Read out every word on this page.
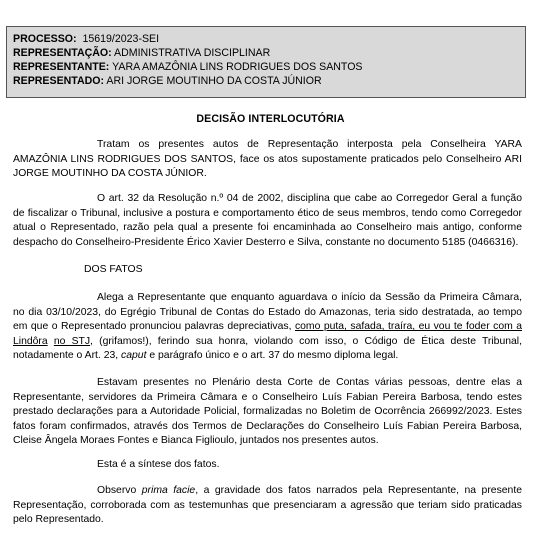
PROCESSO: 15619/2023-SEI
REPRESENTAÇÃO: ADMINISTRATIVA DISCIPLINAR
REPRESENTANTE: YARA AMAZÔNIA LINS RODRIGUES DOS SANTOS
REPRESENTADO: ARI JORGE MOUTINHO DA COSTA JÚNIOR
DECISÃO INTERLOCUTÓRIA

Tratam os presentes autos de Representação interposta pela Conselheira YARA AMAZÔNIA LINS RODRIGUES DOS SANTOS, face os atos supostamente praticados pelo Conselheiro ARI JORGE MOUTINHO DA COSTA JÚNIOR.

O art. 32 da Resolução n.º 04 de 2002, disciplina que cabe ao Corregedor Geral a função de fiscalizar o Tribunal, inclusive a postura e comportamento ético de seus membros, tendo como Corregedor atual o Representado, razão pela qual a presente foi encaminhada ao Conselheiro mais antigo, conforme despacho do Conselheiro-Presidente Érico Xavier Desterro e Silva, constante no documento 5185 (0466316).

DOS FATOS

Alega a Representante que enquanto aguardava o início da Sessão da Primeira Câmara, no dia 03/10/2023, do Egrégio Tribunal de Contas do Estado do Amazonas, teria sido destratada, ao tempo em que o Representado pronunciou palavras depreciativas, como puta, safada, traíra, eu vou te foder com a Lindôra no STJ, (grifamos!), ferindo sua honra, violando com isso, o Código de Ética deste Tribunal, notadamente o Art. 23, caput e parágrafo único e o art. 37 do mesmo diploma legal.

Estavam presentes no Plenário desta Corte de Contas várias pessoas, dentre elas a Representante, servidores da Primeira Câmara e o Conselheiro Luís Fabian Pereira Barbosa, tendo estes prestado declarações para a Autoridade Policial, formalizadas no Boletim de Ocorrência 266992/2023. Estes fatos foram confirmados, através dos Termos de Declarações do Conselheiro Luís Fabian Pereira Barbosa, Cleise Ângela Moraes Fontes e Bianca Figlioulo, juntados nos presentes autos.

Esta é a síntese dos fatos.

Observo prima facie, a gravidade dos fatos narrados pela Representante, na presente Representação, corroborada com as testemunhas que presenciaram a agressão que teriam sido praticadas pelo Representado.
